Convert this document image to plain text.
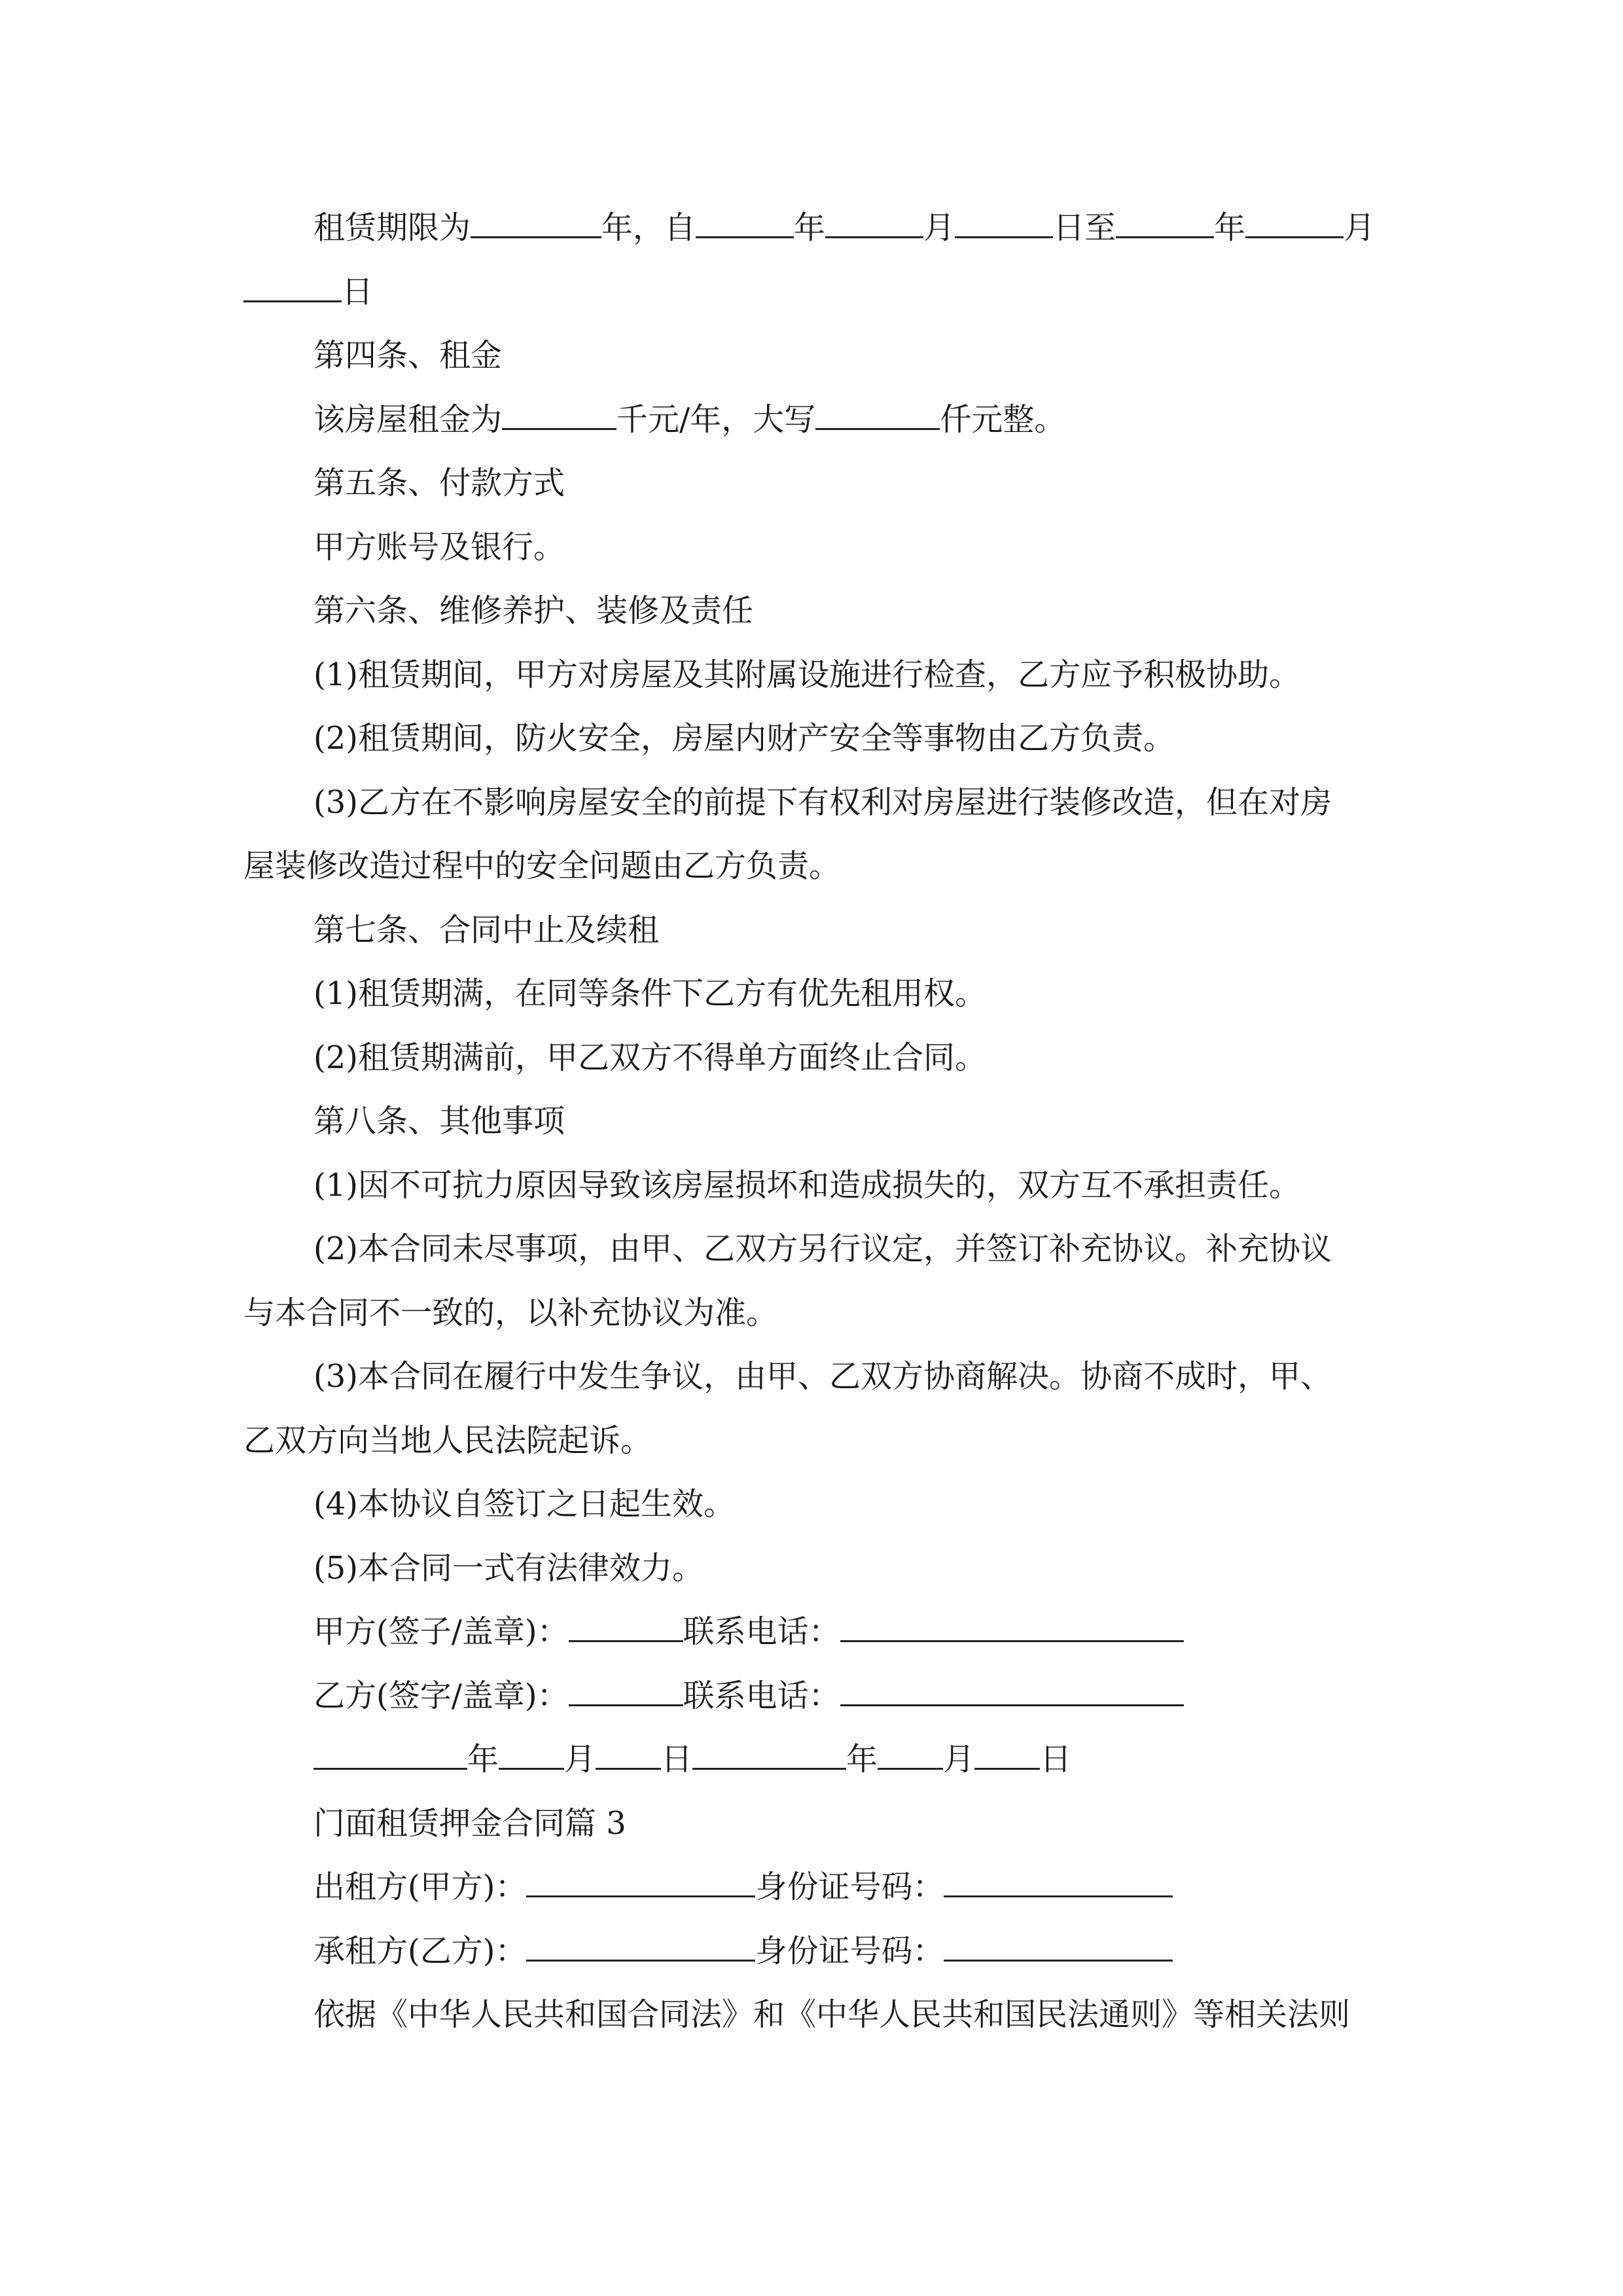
租赁期限为	年，自	年	月	日至	年	月
日
第四条、租金
该房屋租金为	千元/年，大写	仟元整。
第五条、付款方式
甲方账号及银行。
第六条、维修养护、装修及责任
(1)租赁期间，甲方对房屋及其附属设施进行检查，乙方应予积极协助。
(2)租赁期间，防火安全，房屋内财产安全等事物由乙方负责。
(3)乙方在不影响房屋安全的前提下有权利对房屋进行装修改造，但在对房
屋装修改造过程中的安全问题由乙方负责。
第七条、合同中止及续租
(1)租赁期满，在同等条件下乙方有优先租用权。
(2)租赁期满前，甲乙双方不得单方面终止合同。
第八条、其他事项
(1)因不可抗力原因导致该房屋损坏和造成损失的，双方互不承担责任。
(2)本合同未尽事项，由甲、乙双方另行议定，并签订补充协议。补充协议
与本合同不一致的，以补充协议为准。
(3)本合同在履行中发生争议，由甲、乙双方协商解决。协商不成时，甲、
乙双方向当地人民法院起诉。
(4)本协议自签订之日起生效。
(5)本合同一式有法律效力。
甲方(签子/盖章)：	联系电话：
乙方(签字/盖章)：	联系电话：
年 月 日	年 月 日
门面租赁押金合同篇 3
出租方(甲方)：	身份证号码：
承租方(乙方)：	身份证号码：
依据《中华人民共和国合同法》和《中华人民共和国民法通则》等相关法则
